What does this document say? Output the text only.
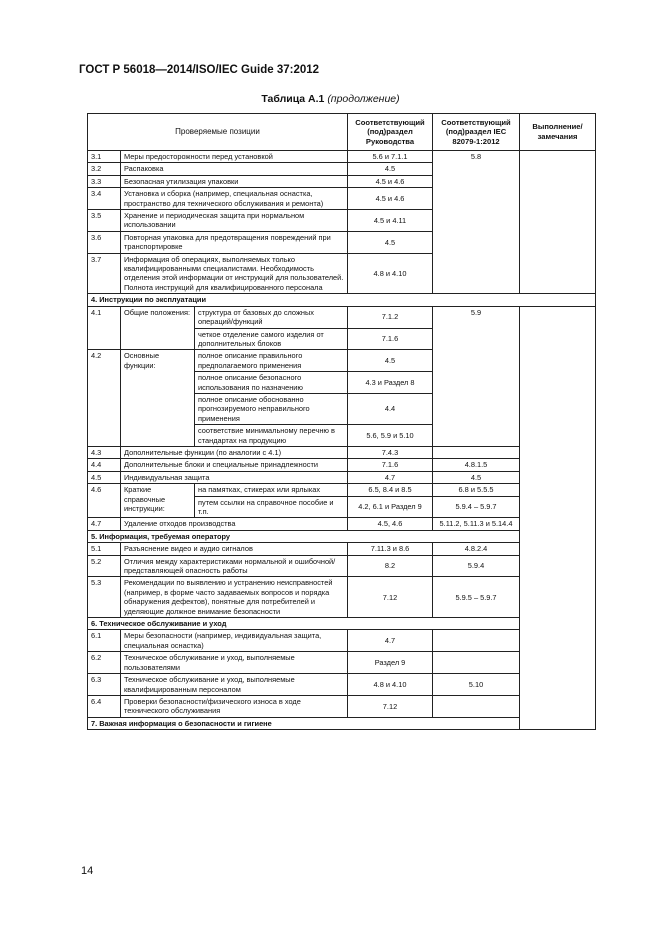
ГОСТ Р 56018—2014/ISO/IEC Guide 37:2012
Таблица А.1 (продолжение)
Проверяемые позиции			Соответствующий (под)раздел Руководства	Соответствующий (под)раздел IEC 82079-1:2012	Выполнение/ замечания
3.1	Меры предосторожности перед установкой		5.6 и 7.1.1	5.8	
3.2	Распаковка		4.5		
3.3	Безопасная утилизация упаковки		4.5 и 4.6		
3.4	Установка и сборка (например, специальная оснастка, пространство для технического обслуживания и ремонта)		4.5 и 4.6		
3.5	Хранение и периодическая защита при нормальном использовании		4.5 и 4.11		
3.6	Повторная упаковка для предотвращения повреждений при транспортировке		4.5		
3.7	Информация об операциях, выполняемых только квалифицированными специалистами. Необходимость отделения этой информации от инструкций для пользователей. Полнота инструкций для квалифицированного персонала		4.8 и 4.10		
4. Инструкции по эксплуатации					
4.1	Общие положения:	структура от базовых до сложных операций/функций	7.1.2	5.9	
		четкое отделение самого изделия от дополнительных блоков	7.1.6		
4.2	Основные функции:	полное описание правильного предполагаемого применения	4.5		
		полное описание безопасного использования по назначению	4.3 и Раздел 8		
		полное описание обоснованно прогнозируемого неправильного применения	4.4		
		соответствие минимальному перечню в стандартах на продукцию	5.6, 5.9 и 5.10		
4.3	Дополнительные функции (по аналогии с 4.1)		7.4.3		
4.4	Дополнительные блоки и специальные принадлежности		7.1.6	4.8.1.5	
4.5	Индивидуальная защита		4.7	4.5	
4.6	Краткие справочные инструкции:	на памятках, стикерах или ярлыках	6.5, 8.4 и 8.5	6.8 и 5.5.5	
		путем ссылки на справочное пособие и т.п.	4.2, 6.1 и Раздел 9	5.9.4 – 5.9.7	
4.7	Удаление отходов производства		4.5, 4.6	5.11.2, 5.11.3 и 5.14.4	
5. Информация, требуемая оператору					
5.1	Разъяснение видео и аудио сигналов		7.11.3 и 8.6	4.8.2.4	
5.2	Отличия между характеристиками нормальной и ошибочной/представляющей опасность работы		8.2	5.9.4	
5.3	Рекомендации по выявлению и устранению неисправностей (например, в форме часто задаваемых вопросов и порядка обнаружения дефектов), понятные для потребителей и уделяющие должное внимание безопасности		7.12	5.9.5 – 5.9.7	
6. Техническое обслуживание и уход					
6.1	Меры безопасности (например, индивидуальная защита, специальная оснастка)		4.7		
6.2	Техническое обслуживание и уход, выполняемые пользователями		Раздел 9		
6.3	Техническое обслуживание и уход, выполняемые квалифицированным персоналом		4.8 и 4.10	5.10	
6.4	Проверки безопасности/физического износа в ходе технического обслуживания		7.12		
7. Важная информация о безопасности и гигиене					
14
